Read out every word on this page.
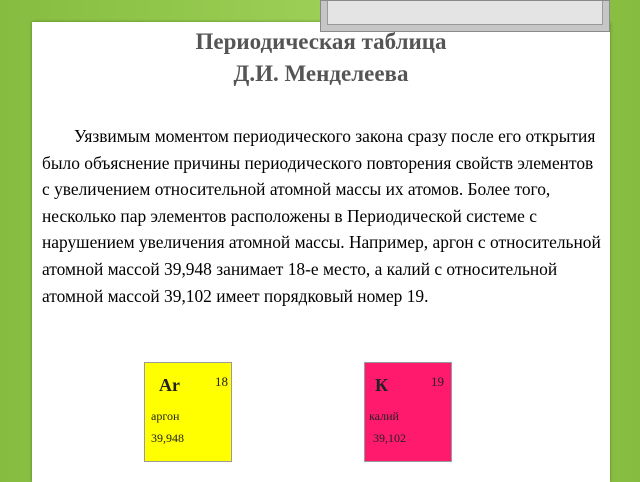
Периодическая таблица
Д.И. Менделеева

Уязвимым моментом периодического закона сразу после его открытия было объяснение причины периодического повторения свойств элементов с увеличением относительной атомной массы их атомов. Более того, несколько пар элементов расположены в Периодической системе с нарушением увеличения атомной массы. Например, аргон с относительной атомной массой 39,948 занимает 18-е место, а калий с относительной атомной массой 39,102 имеет порядковый номер 19.

Ar	18
аргон
39,948
К	19
калий
39,102
